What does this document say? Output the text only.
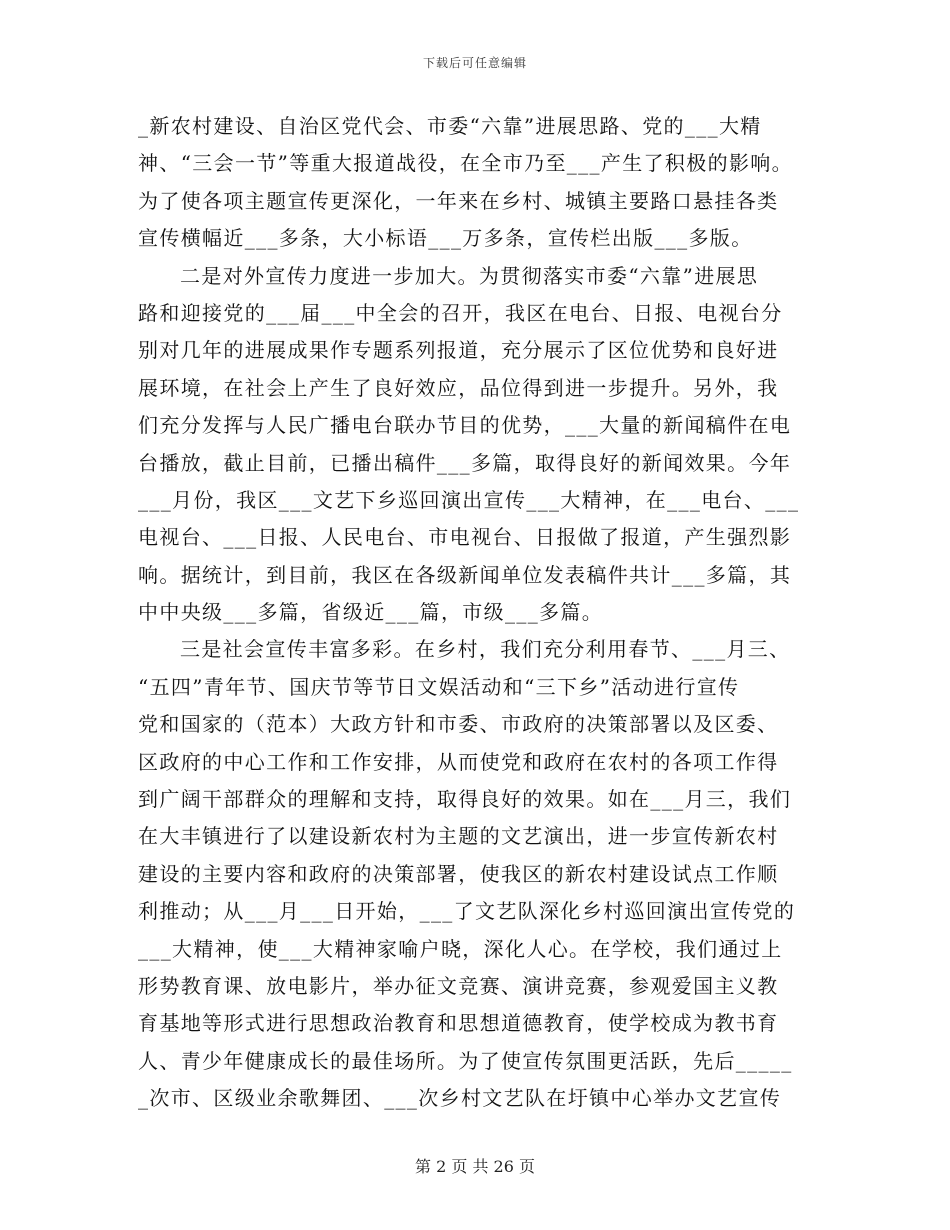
下载后可任意编辑
_新农村建设、自治区党代会、市委“六靠”进展思路、党的___大精
神、“三会一节”等重大报道战役，在全市乃至___产生了积极的影响。
为了使各项主题宣传更深化，一年来在乡村、城镇主要路口悬挂各类
宣传横幅近___多条，大小标语___万多条，宣传栏出版___多版。
二是对外宣传力度进一步加大。为贯彻落实市委“六靠”进展思
路和迎接党的___届___中全会的召开，我区在电台、日报、电视台分
别对几年的进展成果作专题系列报道，充分展示了区位优势和良好进
展环境，在社会上产生了良好效应，品位得到进一步提升。另外，我
们充分发挥与人民广播电台联办节目的优势，___大量的新闻稿件在电
台播放，截止目前，已播出稿件___多篇，取得良好的新闻效果。今年
___月份，我区___文艺下乡巡回演出宣传___大精神，在___电台、___
电视台、___日报、人民电台、市电视台、日报做了报道，产生强烈影
响。据统计，到目前，我区在各级新闻单位发表稿件共计___多篇，其
中中央级___多篇，省级近___篇，市级___多篇。
三是社会宣传丰富多彩。在乡村，我们充分利用春节、___月三、
“五四”青年节、国庆节等节日文娱活动和“三下乡”活动进行宣传
党和国家的（范本）大政方针和市委、市政府的决策部署以及区委、
区政府的中心工作和工作安排，从而使党和政府在农村的各项工作得
到广阔干部群众的理解和支持，取得良好的效果。如在___月三，我们
在大丰镇进行了以建设新农村为主题的文艺演出，进一步宣传新农村
建设的主要内容和政府的决策部署，使我区的新农村建设试点工作顺
利推动；从___月___日开始，___了文艺队深化乡村巡回演出宣传党的
___大精神，使___大精神家喻户晓，深化人心。在学校，我们通过上
形势教育课、放电影片，举办征文竞赛、演讲竞赛，参观爱国主义教
育基地等形式进行思想政治教育和思想道德教育，使学校成为教书育
人、青少年健康成长的最佳场所。为了使宣传氛围更活跃，先后_____
_次市、区级业余歌舞团、___次乡村文艺队在圩镇中心举办文艺宣传
第 2 页 共 26 页
